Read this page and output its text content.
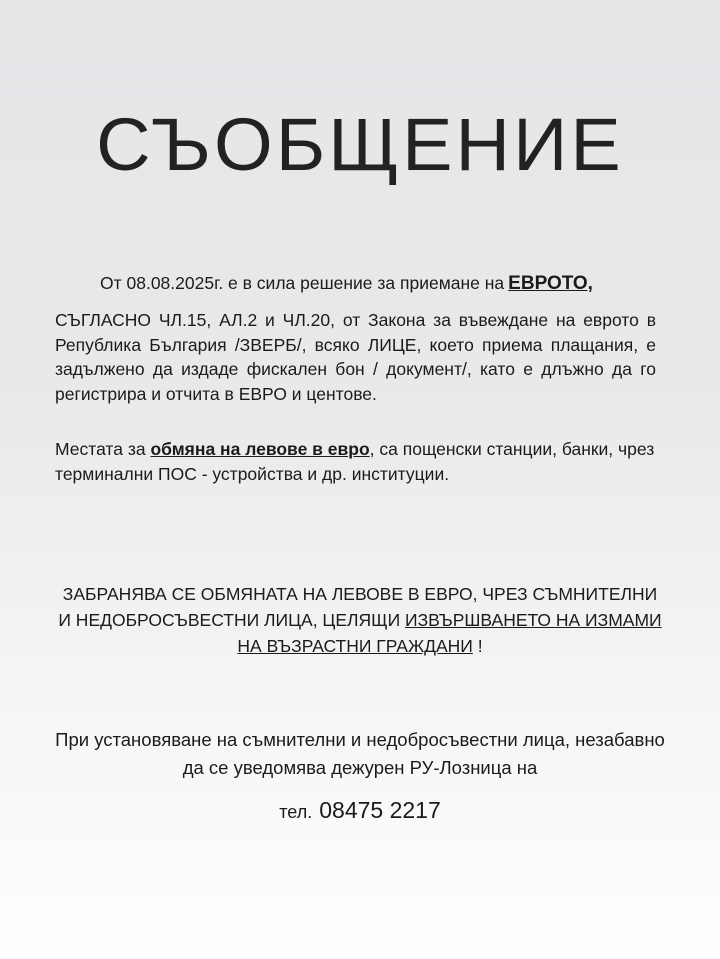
СЪОБЩЕНИЕ

От 08.08.2025г. е в сила решение за приемане на ЕВРОТО,

СЪГЛАСНО ЧЛ.15, АЛ.2 и ЧЛ.20, от Закона за въвеждане на еврото в Република България /ЗВЕРБ/, всяко ЛИЦЕ, което приема плащания, е задължено да издаде фискален бон / документ/, като е длъжно да го регистрира и отчита в ЕВРО и центове.

Местата за обмяна на левове в евро, са пощенски станции, банки, чрез терминални ПОС - устройства и др. институции.

ЗАБРАНЯВА СЕ ОБМЯНАТА НА ЛЕВОВЕ В ЕВРО, ЧРЕЗ СЪМНИТЕЛНИ И НЕДОБРОСЪВЕСТНИ ЛИЦА, ЦЕЛЯЩИ ИЗВЪРШВАНЕТО НА ИЗМАМИ НА ВЪЗРАСТНИ ГРАЖДАНИ !

При установяване на съмнителни и недобросъвестни лица, незабавно да се уведомява дежурен РУ-Лозница на

тел. 08475 2217
